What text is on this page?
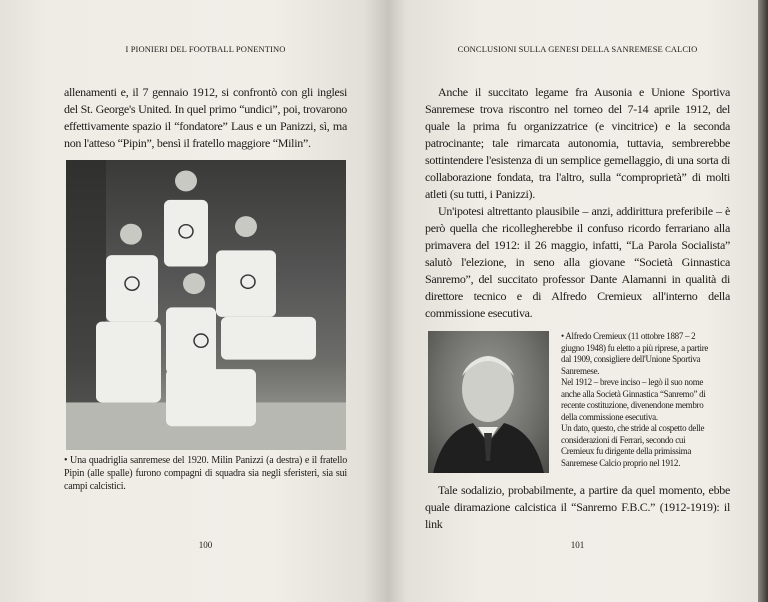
I PIONIERI DEL FOOTBALL PONENTINO

allenamenti e, il 7 gennaio 1912, si confrontò con gli inglesi del St. George's United. In quel primo “undici”, poi, trovarono effettivamente spazio il “fondatore” Laus e un Panizzi, sì, ma non l'atteso “Pipin”, bensì il fratello maggiore “Milin”.

• Una quadriglia sanremese del 1920. Milin Panizzi (a destra) e il fratello Pipin (alle spalle) furono compagni di squadra sia negli sferisteri, sia sui campi calcistici.

100
CONCLUSIONI SULLA GENESI DELLA SANREMESE CALCIO

Anche il succitato legame fra Ausonia e Unione Sportiva Sanremese trova riscontro nel torneo del 7-14 aprile 1912, del quale la prima fu organizzatrice (e vincitrice) e la seconda patrocinante; tale rimarcata autonomia, tuttavia, sembrerebbe sottintendere l'esistenza di un semplice gemellaggio, di una sorta di collaborazione fondata, tra l'altro, sulla “comproprietà” di molti atleti (su tutti, i Panizzi).

Un'ipotesi altrettanto plausibile – anzi, addirittura preferibile – è però quella che ricollegherebbe il confuso ricordo ferrariano alla primavera del 1912: il 26 maggio, infatti, “La Parola Socialista” salutò l'elezione, in seno alla giovane “Società Ginnastica Sanremo”, del succitato professor Dante Alamanni in qualità di direttore tecnico e di Alfredo Cremieux all'interno della commissione esecutiva.

• Alfredo Cremieux (11 ottobre 1887 – 2
giugno 1948) fu eletto a più riprese, a partire
dal 1909, consigliere dell'Unione Sportiva
Sanremese.
Nel 1912 – breve inciso – legò il suo nome
anche alla Società Ginnastica “Sanremo” di
recente costituzione, divenendone membro
della commissione esecutiva.
Un dato, questo, che stride al cospetto delle
considerazioni di Ferrari, secondo cui
Cremieux fu dirigente della primissima
Sanremese Calcio proprio nel 1912.

Tale sodalizio, probabilmente, a partire da quel momento, ebbe quale diramazione calcistica il “Sanremo F.B.C.” (1912-1919): il link

101
